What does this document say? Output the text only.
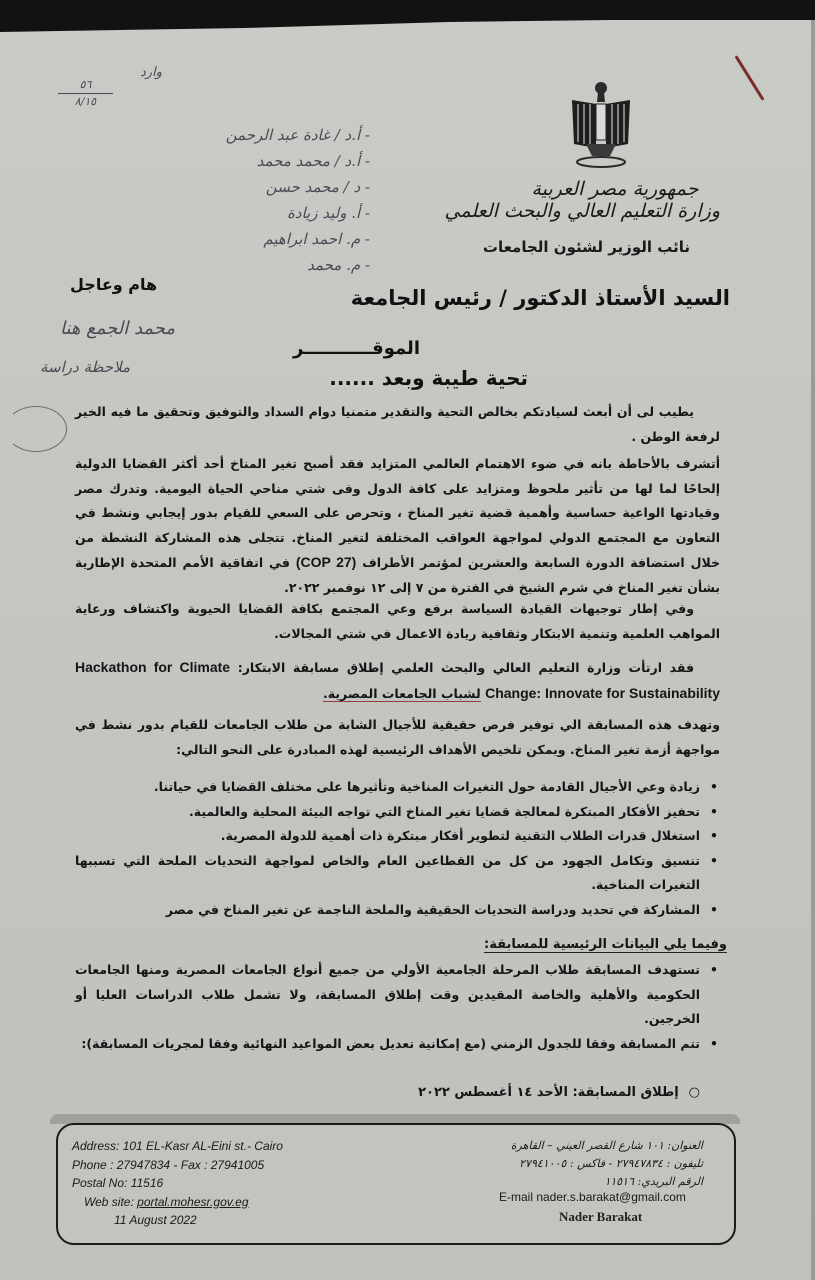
جمهورية مصر العربية
وزارة التعليم العالي والبحث العلمي
نائب الوزير لشئون الجامعات
وارد
٥٦
٨/١٥
- أ.د / غادة عبد الرحمن
- أ.د / محمد محمد
- د / محمد حسن
- أ. وليد زيادة
- م. احمد ابراهيم
- م. محمد
محمد الجمع هنا
ملاحظة دراسة
هام وعاجل
السيد الأستاذ الدكتور / رئيس الجامعة
الموقـــــــــــر
تحية طيبة وبعد ......
يطيب لى أن أبعث لسيادتكم بخالص التحية والتقدير متمنيا دوام السداد والتوفيق وتحقيق ما فيه الخير لرفعة الوطن .
أتشرف بالأحاطة بانه في ضوء الاهتمام العالمي المتزايد فقد أصبح تغير المناخ أحد أكثر القضايا الدولية إلحاحًا لما لها من تأثير ملحوظ ومتزايد على كافة الدول وفى شتي مناحي الحياة اليومية. وتدرك مصر وقيادتها الواعية حساسية وأهمية قضية تغير المناخ ، وتحرص على السعي للقيام بدور إيجابي ونشط في التعاون مع المجتمع الدولي لمواجهة العواقب المختلفة لتغير المناخ. تتجلى هذه المشاركة النشطة من خلال استضافة الدورة السابعة والعشرين لمؤتمر الأطراف (COP 27) في اتفاقية الأمم المتحدة الإطارية بشأن تغير المناخ في شرم الشيخ في الفترة من ٧ إلى ١٢ نوفمبر ٢٠٢٢.
وفي إطار توجيهات القيادة السياسة برفع وعي المجتمع بكافة القضايا الحيوية واكتشاف ورعاية المواهب العلمية وتنمية الابتكار وثقافية ريادة الاعمال في شتي المجالات.
فقد ارتأت وزارة التعليم العالي والبحث العلمي إطلاق مسابقة الابتكار: Hackathon for Climate Change: Innovate for Sustainability لشباب الجامعات المصرية.
وتهدف هذه المسابقة الي توفير فرص حقيقية للأجيال الشابة من طلاب الجامعات للقيام بدور نشط في مواجهة أزمة تغير المناخ. ويمكن تلخيص الأهداف الرئيسية لهذه المبادرة على النحو التالي:
• زيادة وعي الأجيال القادمة حول التغيرات المناخية وتأثيرها على مختلف القضايا في حياتنا.
• تحفيز الأفكار المبتكرة لمعالجة قضايا تغير المناخ التي تواجه البيئة المحلية والعالمية.
• استغلال قدرات الطلاب التقنية لتطوير أفكار مبتكرة ذات أهمية للدولة المصرية.
• تنسيق وتكامل الجهود من كل من القطاعين العام والخاص لمواجهة التحديات الملحة التي تسببها التغيرات المناخية.
• المشاركة في تحديد ودراسة التحديات الحقيقية والملحة الناجمة عن تغير المناخ في مصر
وفيما يلي البيانات الرئيسية للمسابقة:
• تستهدف المسابقة طلاب المرحلة الجامعية الأولي من جميع أنواع الجامعات المصرية ومنها الجامعات الحكومية والأهلية والخاصة المقيدين وقت إطلاق المسابقة، ولا تشمل طلاب الدراسات العليا أو الخرجين.
• تتم المسابقة وفقا للجدول الزمني (مع إمكانية تعديل بعض المواعيد النهائية وفقا لمجريات المسابقة):
○إطلاق المسابقة: الأحد ١٤ أغسطس ٢٠٢٢
Address: 101 EL-Kasr AL-Eini st.- Cairo
Phone : 27947834 - Fax : 27941005
Postal No: 11516
Web site: portal.mohesr.gov.eg
11 August 2022
العنوان: ١٠١ شارع القصر العيني – القاهرة
تليفون : ٢٧٩٤٧٨٣٤ - فاكس : ٢٧٩٤١٠٠٥
الرقم البريدي: ١١٥١٦
E-mail nader.s.barakat@gmail.com
Nader Barakat
